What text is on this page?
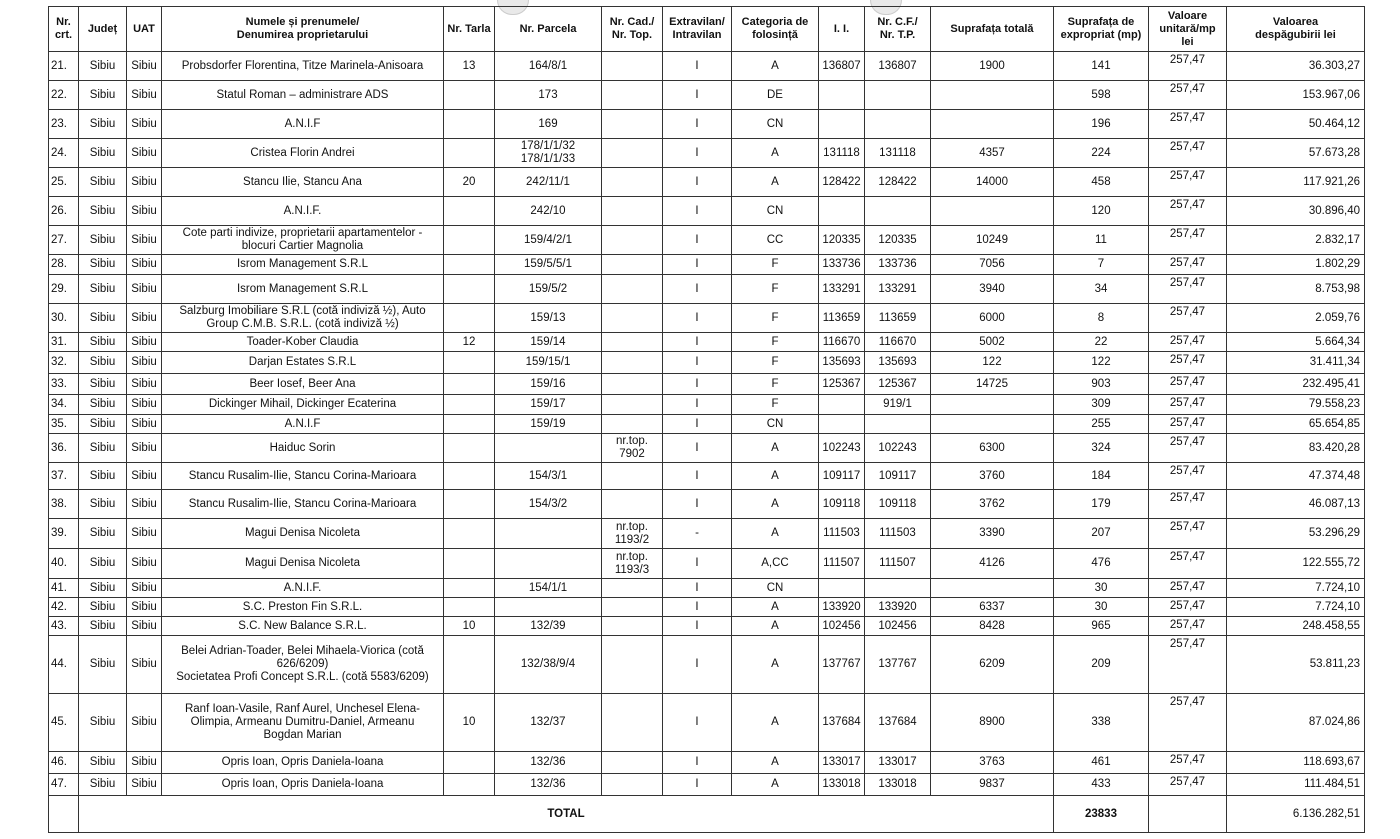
Nr.
crt.	Județ	UAT	Numele și prenumele/
Denumirea proprietarului	Nr. Tarla	Nr. Parcela	Nr. Cad./
Nr. Top.	Extravilan/
Intravilan	Categoria de
folosință	I. I.	Nr. C.F./
Nr. T.P.	Suprafața totală	Suprafața de
expropriat (mp)	Valoare
unitară/mp
lei	Valoarea
despăgubirii lei
21.	Sibiu	Sibiu	Probsdorfer Florentina, Titze Marinela-Anisoara	13	164/8/1		I	A	136807	136807	1900	141	257,47	36.303,27
22.	Sibiu	Sibiu	Statul Roman – administrare ADS		173		I	DE				598	257,47	153.967,06
23.	Sibiu	Sibiu	A.N.I.F		169		I	CN				196	257,47	50.464,12
24.	Sibiu	Sibiu	Cristea Florin Andrei		178/1/1/32
178/1/1/33		I	A	131118	131118	4357	224	257,47	57.673,28
25.	Sibiu	Sibiu	Stancu Ilie, Stancu Ana	20	242/11/1		I	A	128422	128422	14000	458	257,47	117.921,26
26.	Sibiu	Sibiu	A.N.I.F.		242/10		I	CN				120	257,47	30.896,40
27.	Sibiu	Sibiu	Cote parti indivize, proprietarii apartamentelor -
blocuri Cartier Magnolia		159/4/2/1		I	CC	120335	120335	10249	11	257,47	2.832,17
28.	Sibiu	Sibiu	Isrom Management S.R.L		159/5/5/1		I	F	133736	133736	7056	7	257,47	1.802,29
29.	Sibiu	Sibiu	Isrom Management S.R.L		159/5/2		I	F	133291	133291	3940	34	257,47	8.753,98
30.	Sibiu	Sibiu	Salzburg Imobiliare S.R.L (cotă indiviză ½), Auto
Group C.M.B. S.R.L. (cotă indiviză ½)		159/13		I	F	113659	113659	6000	8	257,47	2.059,76
31.	Sibiu	Sibiu	Toader-Kober Claudia	12	159/14		I	F	116670	116670	5002	22	257,47	5.664,34
32.	Sibiu	Sibiu	Darjan Estates S.R.L		159/15/1		I	F	135693	135693	122	122	257,47	31.411,34
33.	Sibiu	Sibiu	Beer Iosef, Beer Ana		159/16		I	F	125367	125367	14725	903	257,47	232.495,41
34.	Sibiu	Sibiu	Dickinger Mihail, Dickinger Ecaterina		159/17		I	F		919/1		309	257,47	79.558,23
35.	Sibiu	Sibiu	A.N.I.F		159/19		I	CN				255	257,47	65.654,85
36.	Sibiu	Sibiu	Haiduc Sorin			nr.top.
7902	I	A	102243	102243	6300	324	257,47	83.420,28
37.	Sibiu	Sibiu	Stancu Rusalim-Ilie, Stancu Corina-Marioara		154/3/1		I	A	109117	109117	3760	184	257,47	47.374,48
38.	Sibiu	Sibiu	Stancu Rusalim-Ilie, Stancu Corina-Marioara		154/3/2		I	A	109118	109118	3762	179	257,47	46.087,13
39.	Sibiu	Sibiu	Magui Denisa Nicoleta			nr.top.
1193/2	-	A	111503	111503	3390	207	257,47	53.296,29
40.	Sibiu	Sibiu	Magui Denisa Nicoleta			nr.top.
1193/3	I	A,CC	111507	111507	4126	476	257,47	122.555,72
41.	Sibiu	Sibiu	A.N.I.F.		154/1/1		I	CN				30	257,47	7.724,10
42.	Sibiu	Sibiu	S.C. Preston Fin S.R.L.				I	A	133920	133920	6337	30	257,47	7.724,10
43.	Sibiu	Sibiu	S.C. New Balance S.R.L.	10	132/39		I	A	102456	102456	8428	965	257,47	248.458,55
44.	Sibiu	Sibiu	Belei Adrian-Toader, Belei Mihaela-Viorica (cotă
626/6209)
Societatea Profi Concept S.R.L. (cotă 5583/6209)		132/38/9/4		I	A	137767	137767	6209	209	257,47	53.811,23
45.	Sibiu	Sibiu	Ranf Ioan-Vasile, Ranf Aurel, Unchesel Elena-
Olimpia, Armeanu Dumitru-Daniel, Armeanu
Bogdan Marian	10	132/37		I	A	137684	137684	8900	338	257,47	87.024,86
46.	Sibiu	Sibiu	Opris Ioan, Opris Daniela-Ioana		132/36		I	A	133017	133017	3763	461	257,47	118.693,67
47.	Sibiu	Sibiu	Opris Ioan, Opris Daniela-Ioana		132/36		I	A	133018	133018	9837	433	257,47	111.484,51
	TOTAL											23833		6.136.282,51
